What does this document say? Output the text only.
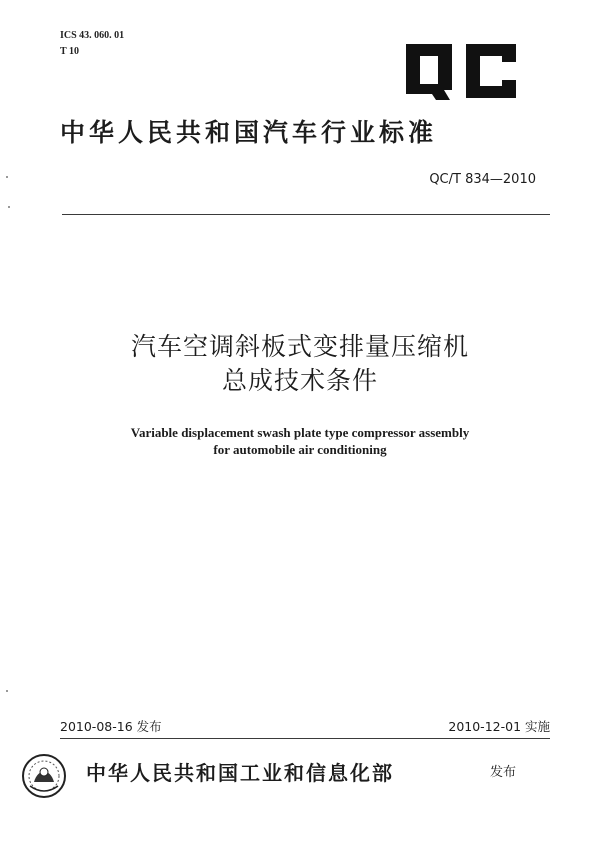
ICS 43. 060. 01
T 10
中华人民共和国汽车行业标准
QC/T 834—2010
汽车空调斜板式变排量压缩机
总成技术条件
Variable displacement swash plate type compressor assembly
for automobile air conditioning
2010-08-16 发布	2010-12-01 实施
中华人民共和国工业和信息化部	发布
